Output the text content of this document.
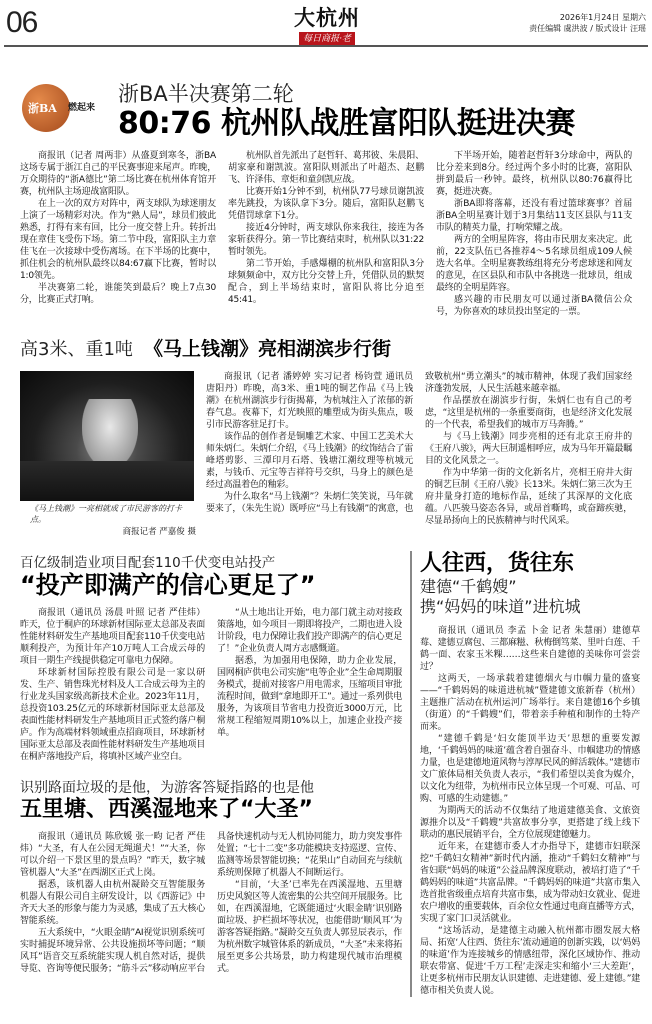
06	大杭州
每日商报·老年
2026年1月24日 星期六
责任编辑 虞洪波 / 版式设计 汪瑶
浙BA 燃起来
浙BA半决赛第二轮
80:76 杭州队战胜富阳队挺进决赛

商报讯（记者 周两非）从盛夏到寒冬，浙BA这场专属于浙江自己的平民赛事迎来尾声。昨晚，万众期待的“浙A德比”第二场比赛在杭州体育馆开赛，杭州队主场迎战富阳队。

在上一次的双方对阵中，两支球队为球迷朋友上演了一场精彩对决。作为“熟人局”，球员们彼此熟悉，打得有来有回，比分一度交替上升。转折出现在章佳飞受伤下场。第二节中段，富阳队主力章佳飞在一次接球中受伤离场。在下半场的比赛中，抓住机会的杭州队最终以84:67赢下比赛，暂时以1:0领先。

半决赛第二轮，谁能笑到最后？晚上7点30分，比赛正式打响。

杭州队首先派出了赵哲轩、葛邦彼、朱晨阳、胡家豪和谢凯波。富阳队则派出了叶超杰、赵鹏飞、许泽伟、章炬和童剑凯应战。

比赛开始1分钟不到，杭州队77号球员谢凯波率先跳投，为该队拿下3分。随后，富阳队赵鹏飞凭借罚球拿下1分。

接近4分钟时，两支球队你来我往，接连为各家斩获得分。第一节比赛结束时，杭州队以31:22暂时领先。

第二节开始，手感爆棚的杭州队和富阳队3分球频频命中，双方比分交替上升，凭借队员的默契配合，到上半场结束时，富阳队将比分追至45:41。

下半场开始，随着赵哲轩3分球命中，两队的比分差来到8分。经过两个多小时的比赛，富阳队拼到最后一秒钟。最终，杭州队以80:76赢得比赛，挺进决赛。

浙BA即将落幕，还没有看过篮球赛事？首届浙BA全明星赛计划于3月集结11支区县队与11支市队的精英力量，打响荣耀之战。

两方的全明星阵容，将由市民朋友来决定。此前，22支队伍已各推荐4～5名球员组成109人候选大名单。全明星赛教练组将充分考虑球迷和网友的意见，在区县队和市队中各挑选一批球员，组成最终的全明星阵容。

感兴趣的市民朋友可以通过浙BA微信公众号，为你喜欢的球员投出坚定的一票。

高3米、重1吨 《马上钱潮》亮相湖滨步行街
《马上钱潮》一亮相就成了市民游客的打卡点。
商报记者 严嘉俊 摄

商报讯（记者 潘婷婷 实习记者 杨钧萱 通讯员 唐阳丹）昨晚，高3米、重1吨的铜艺作品《马上钱潮》在杭州湖滨步行街揭幕，为杭城注入了浓郁的新春气息。夜幕下，灯光映照的雕塑成为街头焦点，吸引市民游客驻足打卡。

该作品的创作者是铜雕艺术家、中国工艺美术大师朱炳仁。朱炳仁介绍，《马上钱潮》的纹饰结合了雷峰塔剪影、三潭印月石塔、钱塘江潮纹理等杭城元素，与钱币、元宝等吉祥符号交织，马身上的颜色是经过高温着色的釉彩。

为什么取名“马上钱潮”？朱炳仁笑笑说，马年就要来了，（朱先生说）既呼应“马上有钱潮”的寓意，也致敬杭州“勇立潮头”的城市精神，体现了我们国家经济蓬勃发展，人民生活越来越幸福。

作品摆放在湖滨步行街，朱炳仁也有自己的考虑，“这里是杭州的一条重要商街，也是经济文化发展的一个代表，希望我们的城市万马奔腾。”

与《马上钱潮》同步亮相的还有北京王府井的《王府八骏》，两大巨制遥相呼应，成为马年开篇最瞩目的文化风景之一。

作为中华第一街的文化新名片，亮相王府井大街的铜艺巨制《王府八骏》长13米。朱炳仁第三次为王府井量身打造的地标作品，延续了其深厚的文化底蕴。八匹骏马姿态各异，或昂首嘶鸣，或奋蹄疾驰，尽显昂扬向上的民族精神与时代风采。

百亿级制造业项目配套110千伏变电站投产
“投产即满产的信心更足了”

商报讯（通讯员 汤晨 叶照 记者 严佳炜）昨天，位于桐庐的环球新材国际亚太总部及表面性能材料研发生产基地项目配套110千伏变电站顺利投产，为预计年产10万吨人工合成云母的项目一期生产线提供稳定可靠电力保障。

环球新材国际控股有限公司是一家以研发、生产、销售珠光材料及人工合成云母为主的行业龙头国家级高新技术企业。2023年11月，总投资103.25亿元的环球新材国际亚太总部及表面性能材料研发生产基地项目正式签约落户桐庐。作为高端材料领域重点招商项目，环球新材国际亚太总部及表面性能材料研发生产基地项目在桐庐落地投产后，将填补区域产业空白。

“从土地出让开始，电力部门就主动对接政策落地，如今项目一期即将投产，二期也进入设计阶段，电力保障让我们投产即满产的信心更足了！”企业负责人周方志感慨道。

据悉，为加强用电保障，助力企业发展，国网桐庐供电公司实施“电等企业”全生命周期服务模式，提前对接客户用电需求，压缩项目审批流程时间，做到“拿地即开工”。通过一系列供电服务，为该项目节省电力投资近3000万元，比常规工程缩短周期10%以上，加速企业投产接单。

识别路面垃圾的是他，为游客答疑指路的也是他
五里塘、西溪湿地来了“大圣”

商报讯（通讯员 陈欣媛 张一畇 记者 严佳炜）“大圣，有人在公园无绳遛犬！”“大圣，你可以介绍一下景区里的景点吗？”昨天，数字城管机器人“大圣”在西湖区正式上岗。

据悉，该机器人由杭州凝龄交互智能服务机器人有限公司自主研发设计，以《西游记》中齐天大圣的形象与能力为灵感，集成了五大核心智能系统。

五大系统中，“火眼金睛”AI视觉识别系统可实时捕捉环境异常、公共设施损坏等问题；“顺风耳”语音交互系统能实现人机自然对话，提供导览、咨询等便民服务；“筋斗云”移动响应平台具备快速机动与无人机协同能力，助力突发事件处置；“七十二变”多功能模块支持巡逻、宣传、监测等场景智能切换；“花果山”自动回充与续航系统则保障了机器人不间断运行。

“目前，‘大圣’已率先在西溪湿地、五里塘历史风貌区等人流密集的公共空间开展服务。比如，在西溪湿地，它既能通过‘火眼金睛’识别路面垃圾、护栏损坏等状况，也能借助‘顺风耳’为游客答疑指路。”凝龄交互负责人郭昱辰表示，作为杭州数字城管体系的新成员，“大圣”未来将拓展至更多公共场景，助力构建现代城市治理模式。

人往西，货往东
建德“千鹤嫂”
携“妈妈的味道”进杭城

商报讯（通讯员 李孟 卜金 记者 朱慧丽）建德草莓、建德豆腐包、三都麻糍、秋梅倒笃菜、里叶白莲、千鹤一面、农家玉米粿……这些来自建德的美味你可尝尝过？

这两天，一场承载着建德烟火与巾帼力量的盛宴——“千鹤妈妈的味道进杭城”暨建德文旅新春（杭州）主题推广活动在杭州运河广场举行。来自建德16个乡镇（街道）的“千鹤嫂”们，带着亲手种植和制作的土特产而来。

“建德千鹤是‘妇女能顶半边天’思想的重要发源地，‘千鹤妈妈的味道’蕴含着自强奋斗、巾帼建功的情感力量，也是建德地道风物与淳厚民风的鲜活载体。”建德市文广旅体局相关负责人表示，“我们希望以美食为媒介，以文化为纽带，为杭州市民立体呈现一个可观、可品、可购、可感的生动建德。”

为期两天的活动不仅集结了地道建德美食、文旅资源推介以及“千鹤嫂”共富故事分享，更搭建了线上线下联动的惠民展销平台，全方位展现建德魅力。

近年来，在建德市委人才办指导下，建德市妇联深挖“千鹤妇女精神”新时代内涵，推动“千鹤妇女精神”与省妇联“妈妈的味道”公益品牌深度联动，被培打造了“千鹤妈妈的味道”共富品牌。“千鹤妈妈的味道”共富市集入选首批省级重点培育共富市集，成为带动妇女就业、促进农户增收的重要载体，百余位女性通过电商直播等方式，实现了家门口灵活就业。

“这场活动，是建德主动融入杭州都市圈发展大格局、拓宽‘人往西、货往东’流动通道的创新实践，以‘妈妈的味道’作为连接城乡的情感纽带，深化区域协作、推动联农带富、促进‘千万工程’走深走实和缩小‘三大差距’，让更多杭州市民朋友认识建德、走进建德、爱上建德。”建德市相关负责人说。
